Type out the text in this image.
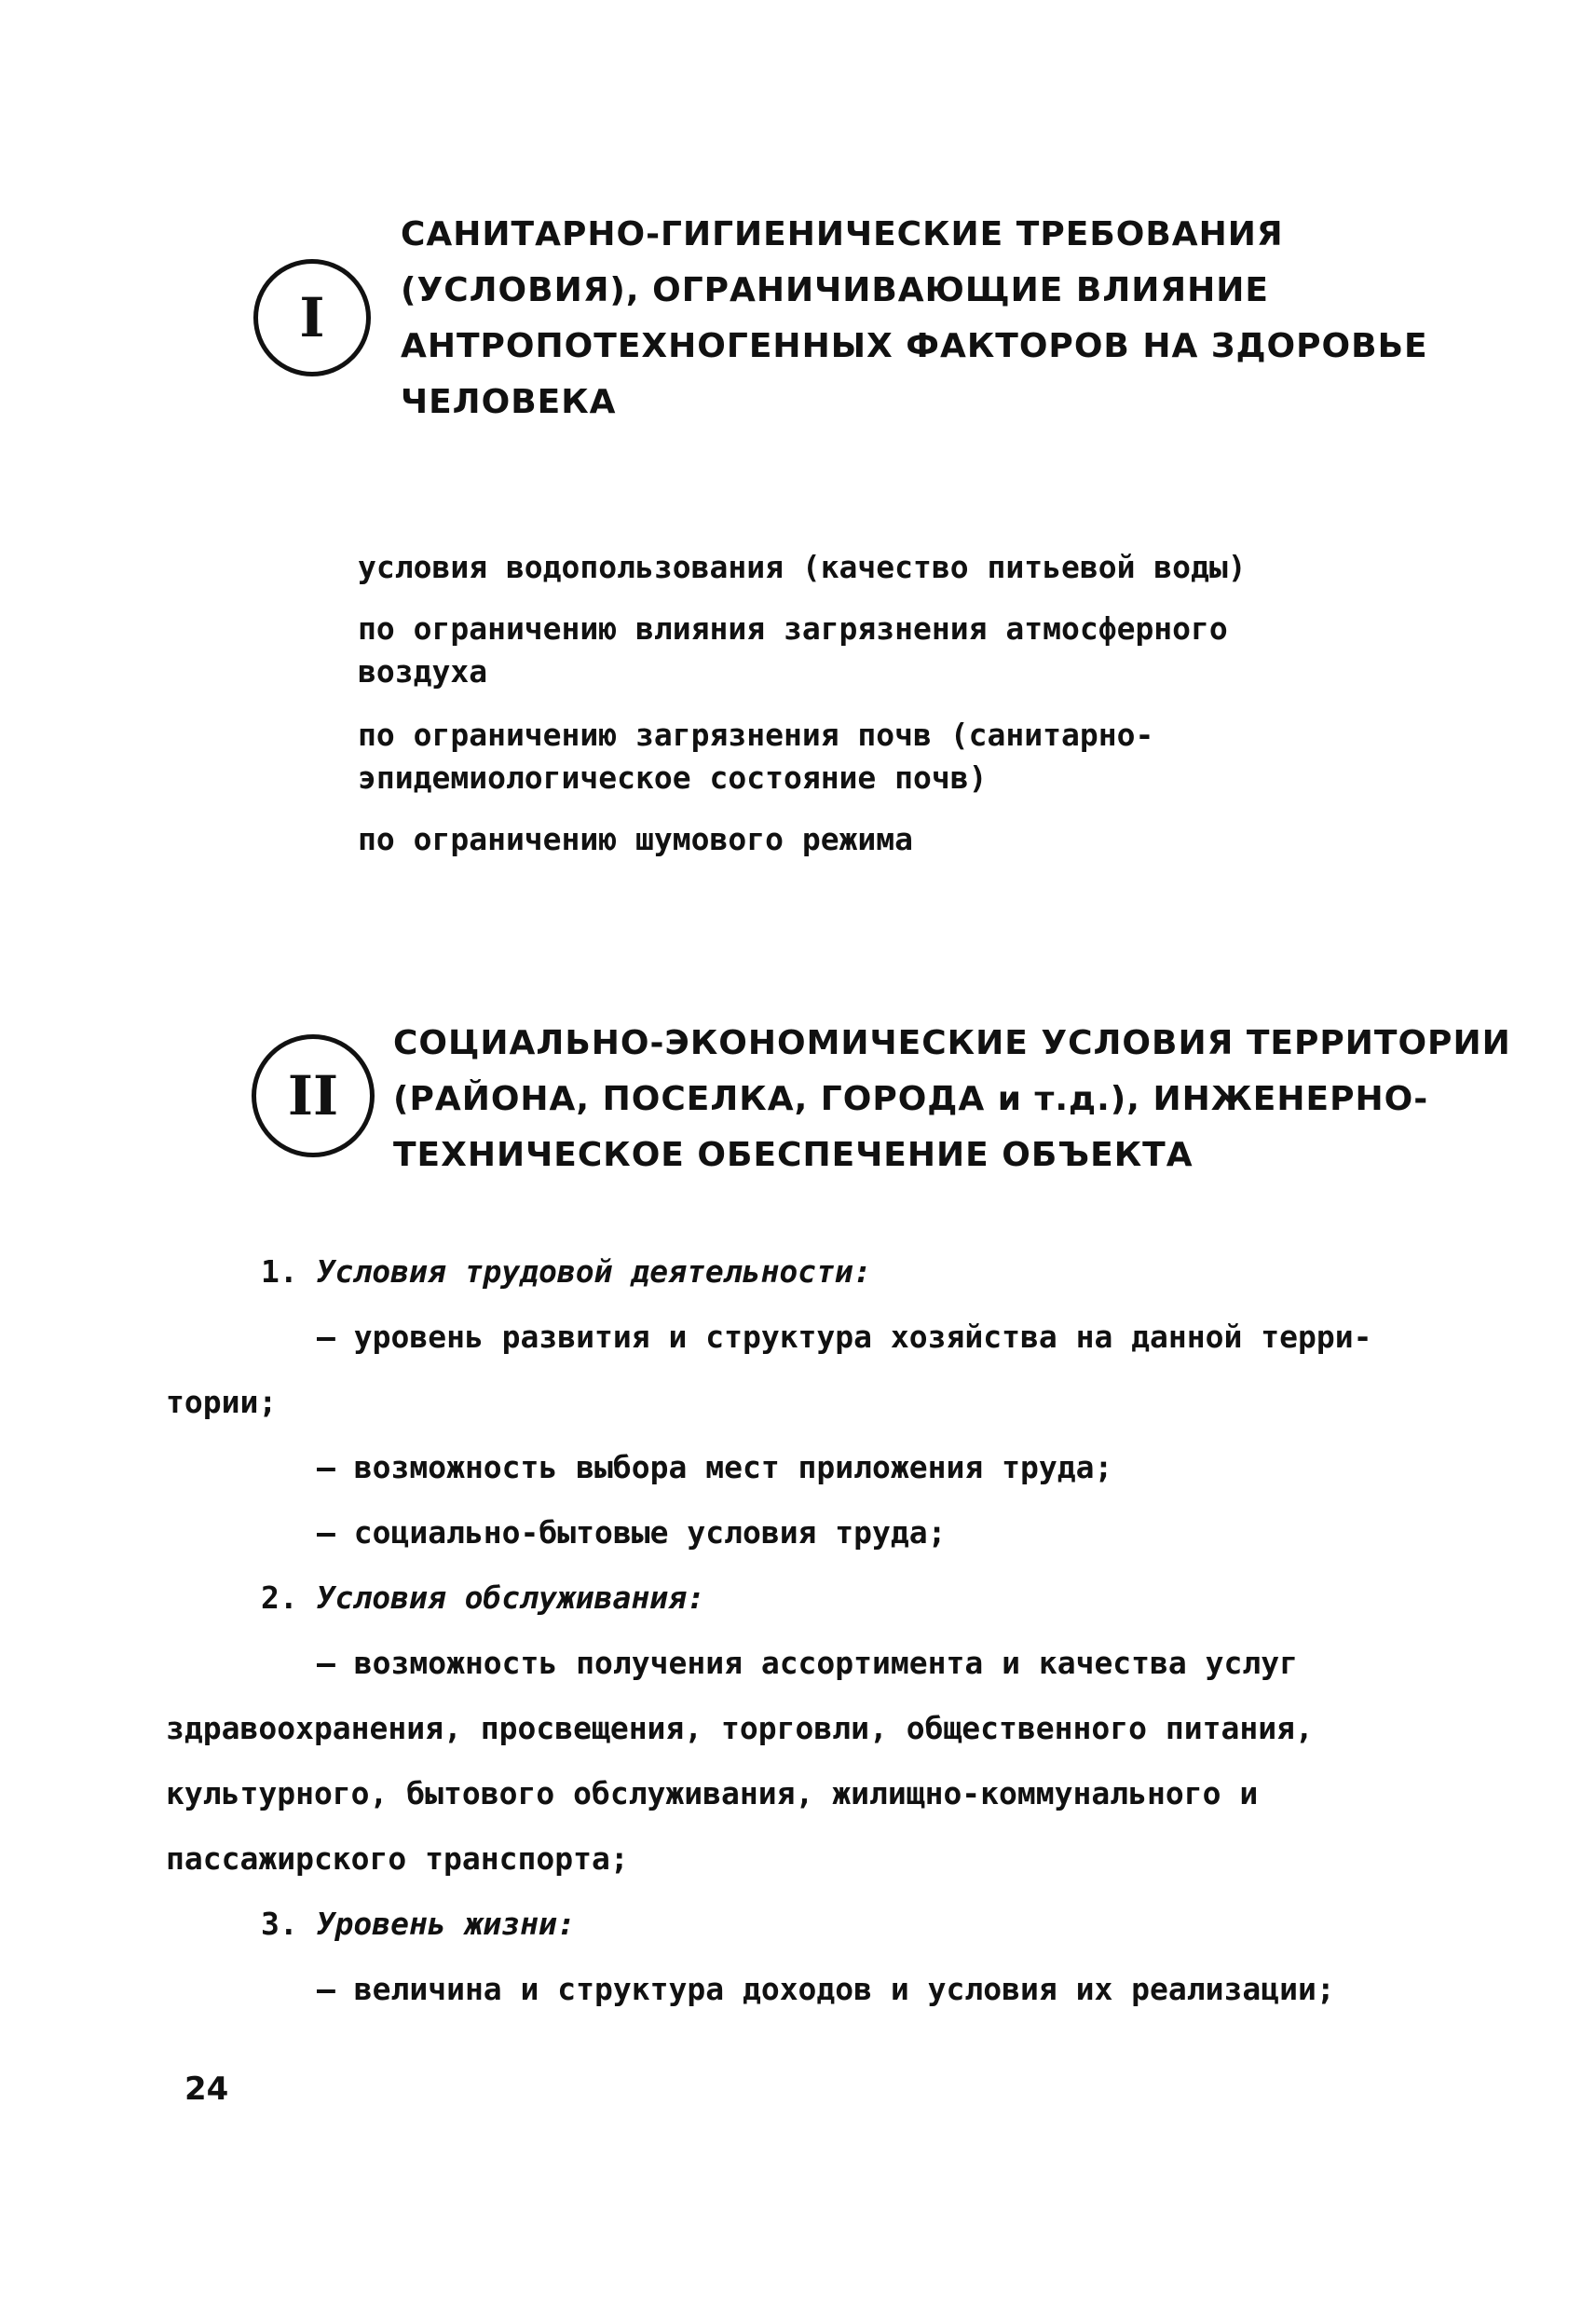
I
САНИТАРНО-ГИГИЕНИЧЕСКИЕ ТРЕБОВАНИЯ
(УСЛОВИЯ), ОГРАНИЧИВАЮЩИЕ ВЛИЯНИЕ
АНТРОПОТЕХНОГЕННЫХ ФАКТОРОВ НА ЗДОРОВЬЕ
ЧЕЛОВЕКА
условия водопользования (качество питьевой воды)
по ограничению влияния загрязнения атмосферного
воздуха
по ограничению загрязнения почв (санитарно-
эпидемиологическое состояние почв)
по ограничению шумового режима
II
СОЦИАЛЬНО-ЭКОНОМИЧЕСКИЕ УСЛОВИЯ ТЕРРИТОРИИ
(РАЙОНА, ПОСЕЛКА, ГОРОДА и т.д.), ИНЖЕНЕРНО-
ТЕХНИЧЕСКОЕ ОБЕСПЕЧЕНИЕ ОБЪЕКТА
1. Условия трудовой деятельности:
– уровень развития и структура хозяйства на данной терри-
тории;
– возможность выбора мест приложения труда;
– социально-бытовые условия труда;
2. Условия обслуживания:
– возможность получения ассортимента и качества услуг
здравоохранения, просвещения, торговли, общественного питания,
культурного, бытового обслуживания, жилищно-коммунального и
пассажирского транспорта;
3. Уровень жизни:
– величина и структура доходов и условия их реализации;
24
